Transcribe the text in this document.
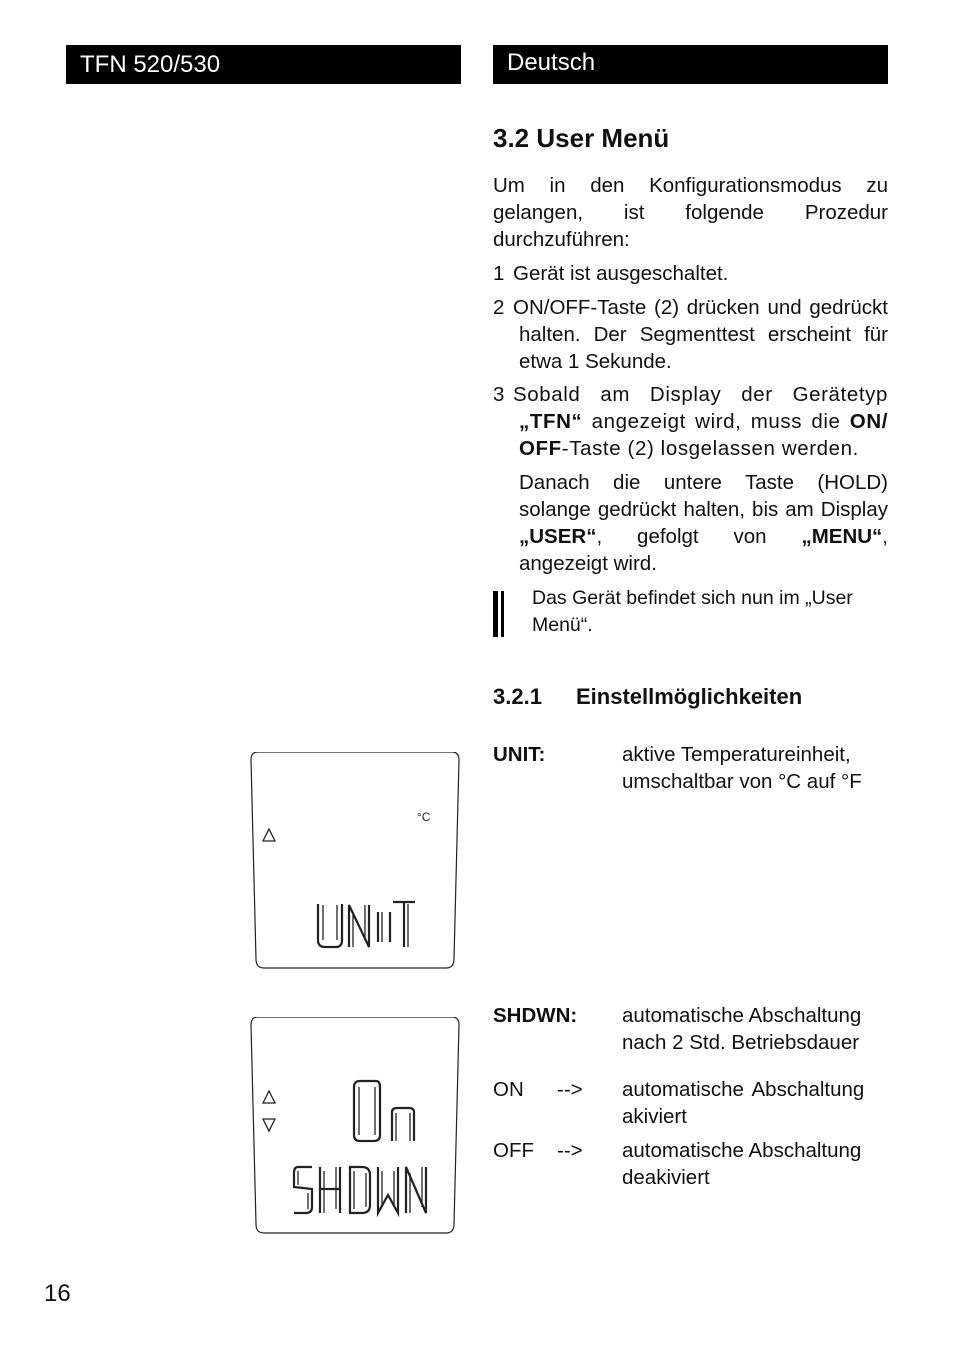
TFN 520/530	Deutsch
3.2 User Menü

Um in den Konfigurationsmodus zu gelangen, ist folgende Prozedur durchzuführen:

1 Gerät ist ausgeschaltet.

2 ON/OFF-Taste (2) drücken und gedrückt halten. Der Segmenttest erscheint für etwa 1 Sekunde.

3 Sobald am Display der Gerätetyp „TFN“ angezeigt wird, muss die ON/ OFF-Taste (2) losgelassen werden.

Danach die untere Taste (HOLD) solange gedrückt halten, bis am Display „USER“, gefolgt von „MENU“, angezeigt wird.

Das Gerät befindet sich nun im „User Menü“.

3.2.1 Einstellmöglichkeiten
UNIT:	aktive Temperatureinheit, umschaltbar von °C auf °F

SHDWN: automatische Abschaltung nach 2 Std. Betriebsdauer

ON --> automatische Abschaltung akiviert

OFF --> automatische Abschaltung deakiviert

°C
16
